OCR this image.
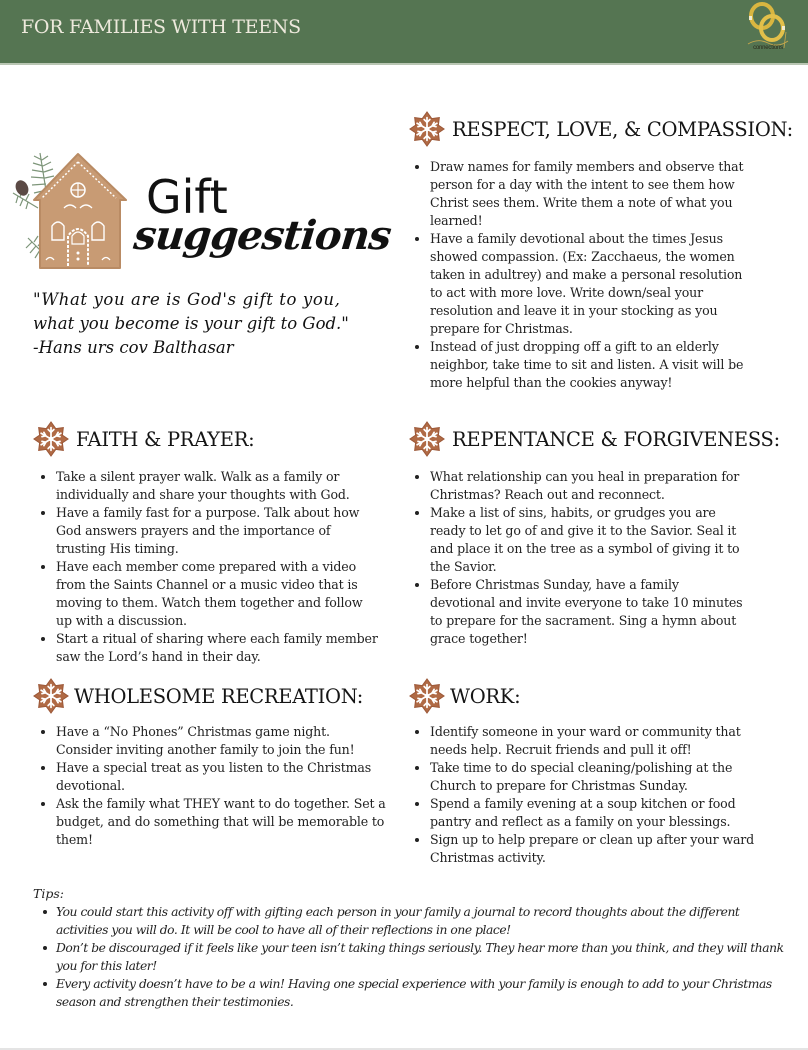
FOR FAMILIES WITH TEENS
connections
Gift
suggestions
"What you are is God's gift to you,
what you become is your gift to God."
-Hans urs cov Balthasar
RESPECT, LOVE, & COMPASSION:
Draw names for family members and observe that person for a day with the intent to see them how Christ sees them. Write them a note of what you learned!
Have a family devotional about the times Jesus showed compassion. (Ex: Zacchaeus, the women taken in adultrey) and make a personal resolution to act with more love. Write down/seal your resolution and leave it in your stocking as you prepare for Christmas.
Instead of just dropping off a gift to an elderly neighbor, take time to sit and listen. A visit will be more helpful than the cookies anyway!
FAITH & PRAYER:
Take a silent prayer walk. Walk as a family or individually and share your thoughts with God.
Have a family fast for a purpose. Talk about how God answers prayers and the importance of trusting His timing.
Have each member come prepared with a video from the Saints Channel or a music video that is moving to them. Watch them together and follow up with a discussion.
Start a ritual of sharing where each family member saw the Lord’s hand in their day.
REPENTANCE & FORGIVENESS:
What relationship can you heal in preparation for Christmas? Reach out and reconnect.
Make a list of sins, habits, or grudges you are ready to let go of and give it to the Savior. Seal it and place it on the tree as a symbol of giving it to the Savior.
Before Christmas Sunday, have a family devotional and invite everyone to take 10 minutes to prepare for the sacrament. Sing a hymn about grace together!
WHOLESOME RECREATION:
Have a “No Phones” Christmas game night. Consider inviting another family to join the fun!
Have a special treat as you listen to the Christmas devotional.
Ask the family what THEY want to do together. Set a budget, and do something that will be memorable to them!
WORK:
Identify someone in your ward or community that needs help. Recruit friends and pull it off!
Take time to do special cleaning/polishing at the Church to prepare for Christmas Sunday.
Spend a family evening at a soup kitchen or food pantry and reflect as a family on your blessings.
Sign up to help prepare or clean up after your ward Christmas activity.
Tips:
You could start this activity off with gifting each person in your family a journal to record thoughts about the different activities you will do. It will be cool to have all of their reflections in one place!
Don’t be discouraged if it feels like your teen isn’t taking things seriously. They hear more than you think, and they will thank you for this later!
Every activity doesn’t have to be a win! Having one special experience with your family is enough to add to your Christmas season and strengthen their testimonies.
